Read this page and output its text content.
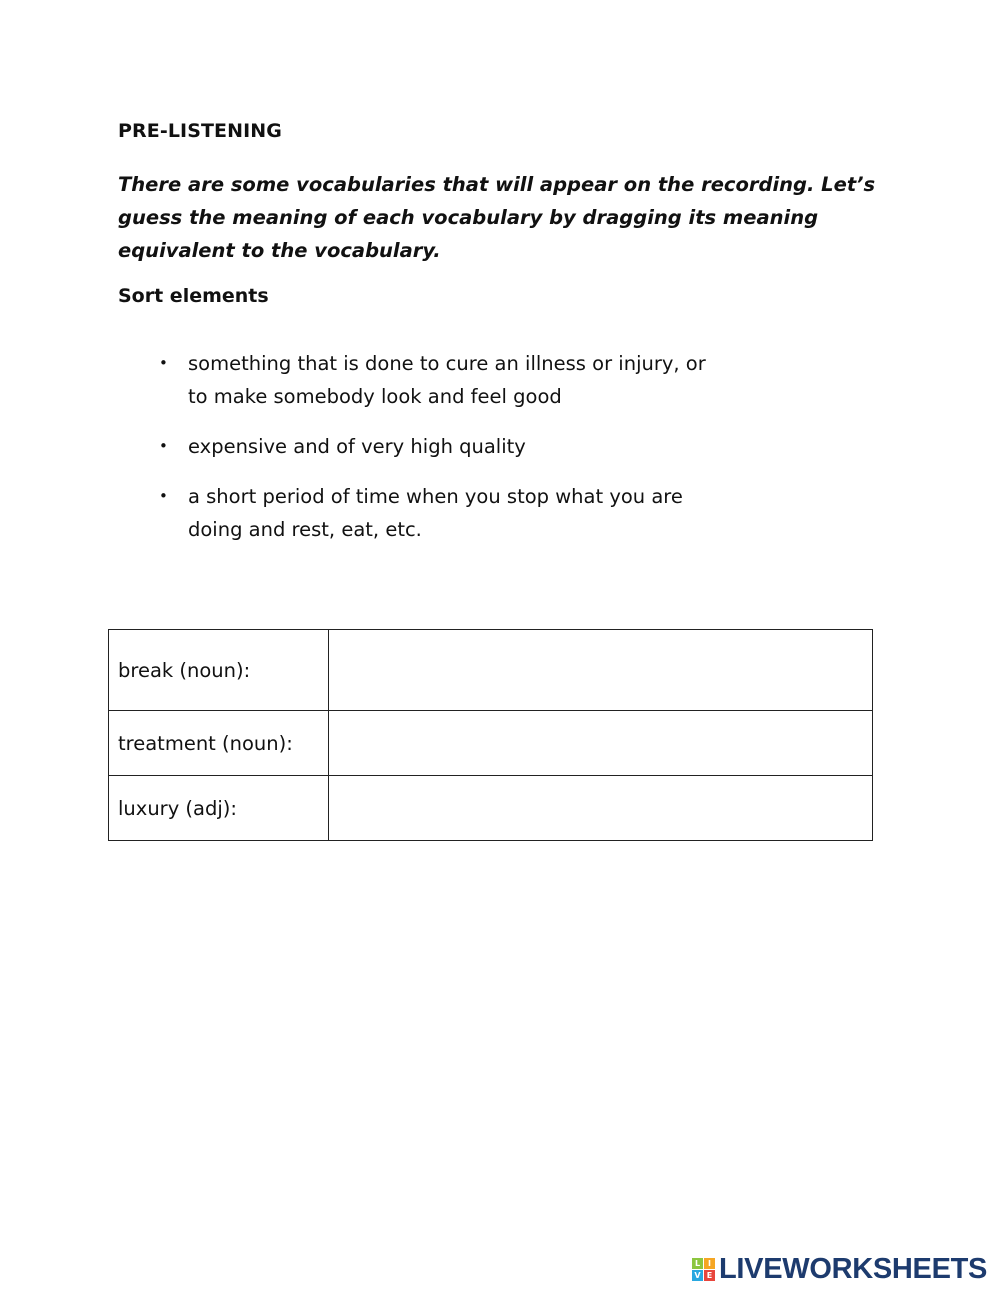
PRE-LISTENING

There are some vocabularies that will appear on the recording. Let’s guess the meaning of each vocabulary by dragging its meaning equivalent to the vocabulary.

Sort elements
• something that is done to cure an illness or injury, or
to make somebody look and feel good
• expensive and of very high quality
• a short period of time when you stop what you are
doing and rest, eat, etc.
break (noun):	
treatment (noun):	
luxury (adj):	
L I
V E LIVEWORKSHEETS
